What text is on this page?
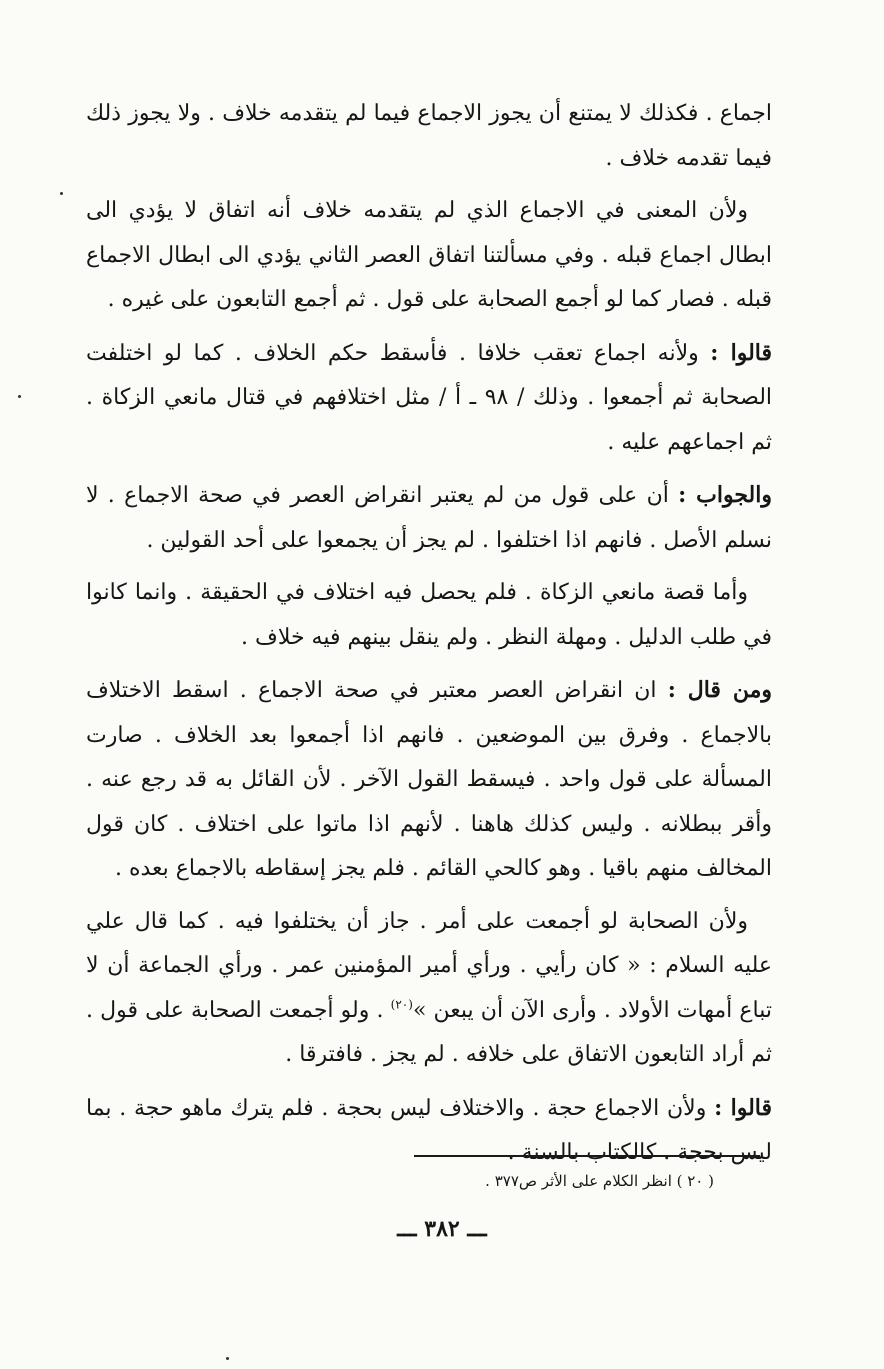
اجماع . فكذلك لا يمتنع أن يجوز الاجماع فيما لم يتقدمه خلاف . ولا يجوز ذلك فيما تقدمه خلاف .

ولأن المعنى في الاجماع الذي لم يتقدمه خلاف أنه اتفاق لا يؤدي الى ابطال اجماع قبله . وفي مسألتنا اتفاق العصر الثاني يؤدي الى ابطال الاجماع قبله . فصار كما لو أجمع الصحابة على قول . ثم أجمع التابعون على غيره .

قالوا : ولأنه اجماع تعقب خلافا . فأسقط حكم الخلاف . كما لو اختلفت الصحابة ثم أجمعوا . وذلك / ٩٨ ـ أ / مثل اختلافهم في قتال مانعي الزكاة . ثم اجماعهم عليه .

والجواب : أن على قول من لم يعتبر انقراض العصر في صحة الاجماع . لا نسلم الأصل . فانهم اذا اختلفوا . لم يجز أن يجمعوا على أحد القولين .

وأما قصة مانعي الزكاة . فلم يحصل فيه اختلاف في الحقيقة . وانما كانوا في طلب الدليل . ومهلة النظر . ولم ينقل بينهم فيه خلاف .

ومن قال : ان انقراض العصر معتبر في صحة الاجماع . اسقط الاختلاف بالاجماع . وفرق بين الموضعين . فانهم اذا أجمعوا بعد الخلاف . صارت المسألة على قول واحد . فيسقط القول الآخر . لأن القائل به قد رجع عنه . وأقر ببطلانه . وليس كذلك هاهنا . لأنهم اذا ماتوا على اختلاف . كان قول المخالف منهم باقيا . وهو كالحي القائم . فلم يجز إسقاطه بالاجماع بعده .

ولأن الصحابة لو أجمعت على أمر . جاز أن يختلفوا فيه . كما قال علي عليه السلام : « كان رأيي . ورأي أمير المؤمنين عمر . ورأي الجماعة أن لا تباع أمهات الأولاد . وأرى الآن أن يبعن »$^{(٢٠)}$ . ولو أجمعت الصحابة على قول . ثم أراد التابعون الاتفاق على خلافه . لم يجز . فافترقا .

قالوا : ولأن الاجماع حجة . والاختلاف ليس بحجة . فلم يترك ماهو حجة . بما ليس بحجة . كالكتاب بالسنة .

( ٢٠ ) انظر الكلام على الأثر ص٣٧٧ .
ـــ ٣٨٢ ـــ
